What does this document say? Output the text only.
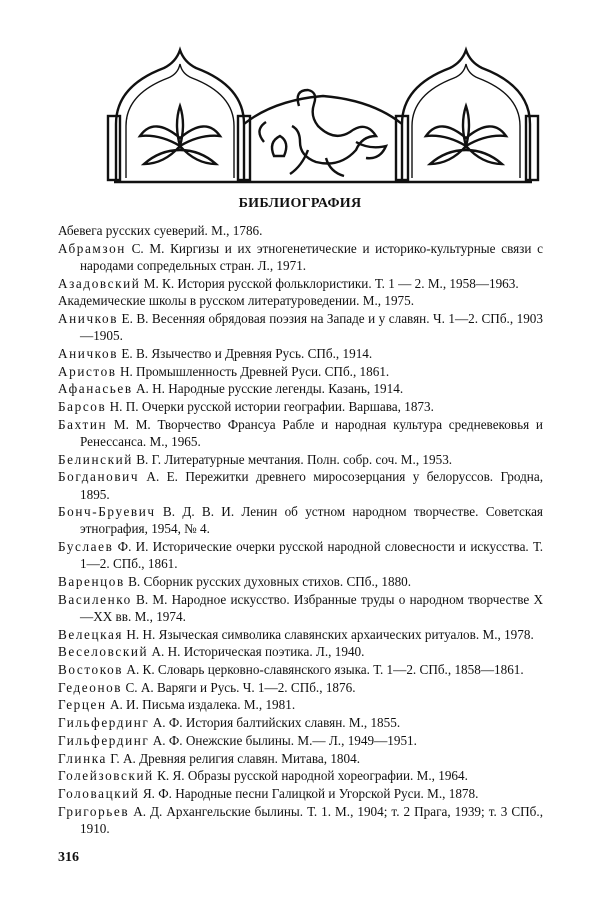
БИБЛИОГРАФИЯ

Абевега русских суеверий. М., 1786.

Абрамзон С. М. Киргизы и их этногенетические и историко-культурные связи с народами сопредельных стран. Л., 1971.

Азадовский М. К. История русской фольклористики. Т. 1 — 2. М., 1958—1963.

Академические школы в русском литературоведении. М., 1975.

Аничков Е. В. Весенняя обрядовая поэзия на Западе и у славян. Ч. 1—2. СПб., 1903—1905.

Аничков Е. В. Язычество и Древняя Русь. СПб., 1914.

Аристов Н. Промышленность Древней Руси. СПб., 1861.

Афанасьев А. Н. Народные русские легенды. Казань, 1914.

Барсов Н. П. Очерки русской истории географии. Варшава, 1873.

Бахтин М. М. Творчество Франсуа Рабле и народная культура средневековья и Ренессанса. М., 1965.

Белинский В. Г. Литературные мечтания. Полн. собр. соч. М., 1953.

Богданович А. Е. Пережитки древнего миросозерцания у белоруссов. Гродна, 1895.

Бонч-Бруевич В. Д. В. И. Ленин об устном народном творчестве. Советская этнография, 1954, № 4.

Буслаев Ф. И. Исторические очерки русской народной словесности и искусства. Т. 1—2. СПб., 1861.

Варенцов В. Сборник русских духовных стихов. СПб., 1880.

Василенко В. М. Народное искусство. Избранные труды о народном творчестве X—XX вв. М., 1974.

Велецкая Н. Н. Языческая символика славянских архаических ритуалов. М., 1978.

Веселовский А. Н. Историческая поэтика. Л., 1940.

Востоков А. К. Словарь церковно-славянского языка. Т. 1—2. СПб., 1858—1861.

Гедеонов С. А. Варяги и Русь. Ч. 1—2. СПб., 1876.

Герцен А. И. Письма издалека. М., 1981.

Гильфердинг А. Ф. История балтийских славян. М., 1855.

Гильфердинг А. Ф. Онежские былины. М.— Л., 1949—1951.

Глинка Г. А. Древняя религия славян. Митава, 1804.

Голейзовский К. Я. Образы русской народной хореографии. М., 1964.

Головацкий Я. Ф. Народные песни Галицкой и Угорской Руси. М., 1878.

Григорьев А. Д. Архангельские былины. Т. 1. М., 1904; т. 2 Прага, 1939; т. 3 СПб., 1910.

316
